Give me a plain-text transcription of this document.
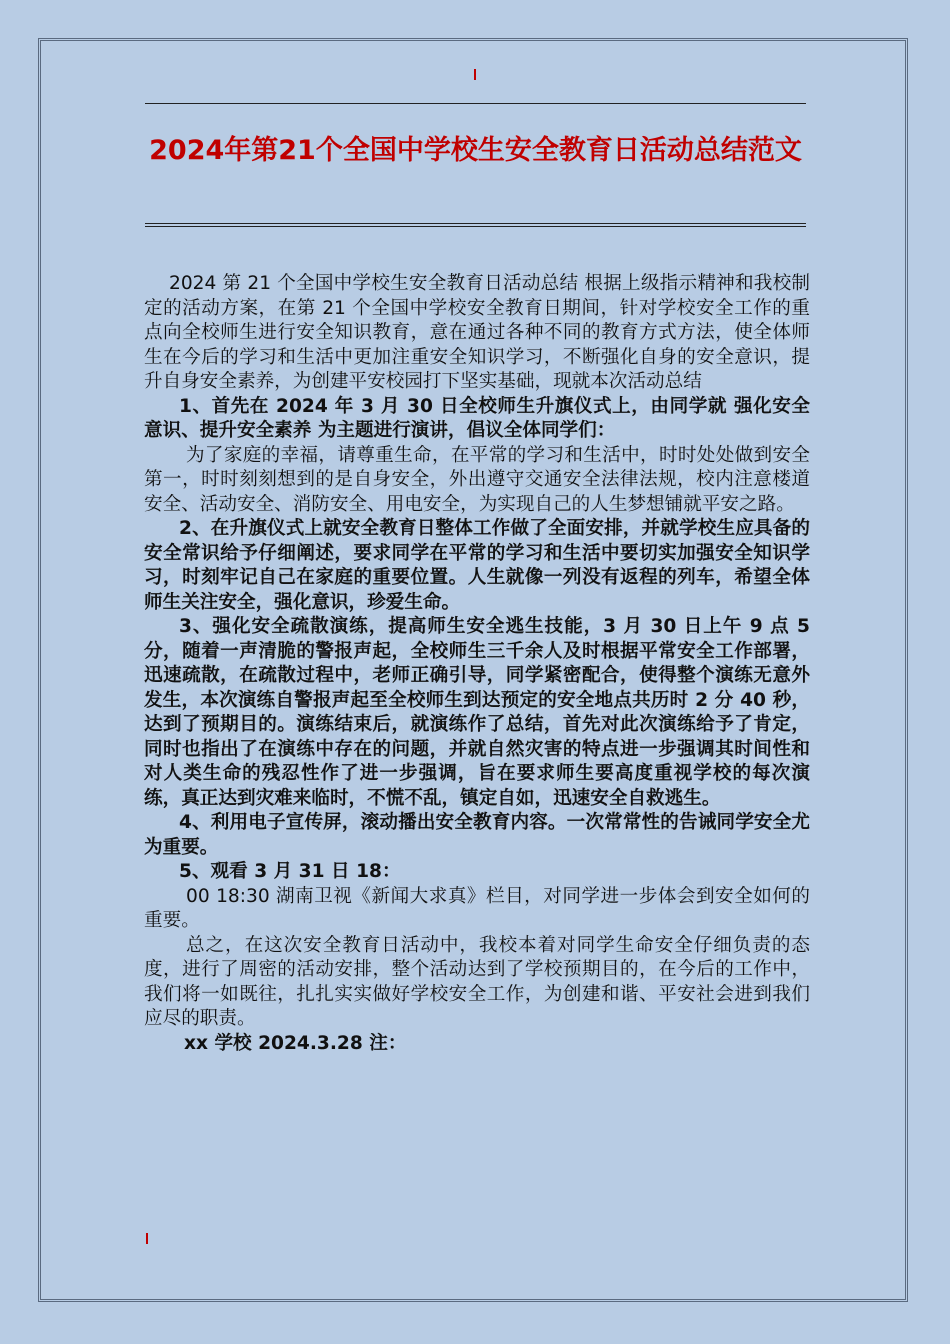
2024年第21个全国中学校生安全教育日活动总结范文

2024 第 21 个全国中学校生安全教育日活动总结 根据上级指示精神和我校制定的活动方案，在第 21 个全国中学校安全教育日期间，针对学校安全工作的重点向全校师生进行安全知识教育，意在通过各种不同的教育方式方法，使全体师生在今后的学习和生活中更加注重安全知识学习，不断强化自身的安全意识，提升自身安全素养，为创建平安校园打下坚实基础，现就本次活动总结

1、首先在 2024 年 3 月 30 日全校师生升旗仪式上，由同学就 强化安全意识、提升安全素养 为主题进行演讲，倡议全体同学们：

为了家庭的幸福，请尊重生命，在平常的学习和生活中，时时处处做到安全第一，时时刻刻想到的是自身安全，外出遵守交通安全法律法规，校内注意楼道安全、活动安全、消防安全、用电安全，为实现自己的人生梦想铺就平安之路。

2、在升旗仪式上就安全教育日整体工作做了全面安排，并就学校生应具备的安全常识给予仔细阐述，要求同学在平常的学习和生活中要切实加强安全知识学习，时刻牢记自己在家庭的重要位置。人生就像一列没有返程的列车，希望全体师生关注安全，强化意识，珍爱生命。

3、强化安全疏散演练，提高师生安全逃生技能，3 月 30 日上午 9 点 5 分，随着一声清脆的警报声起，全校师生三千余人及时根据平常安全工作部署，迅速疏散，在疏散过程中，老师正确引导，同学紧密配合，使得整个演练无意外发生，本次演练自警报声起至全校师生到达预定的安全地点共历时 2 分 40 秒，达到了预期目的。演练结束后，就演练作了总结，首先对此次演练给予了肯定，同时也指出了在演练中存在的问题，并就自然灾害的特点进一步强调其时间性和对人类生命的残忍性作了进一步强调，旨在要求师生要高度重视学校的每次演练，真正达到灾难来临时，不慌不乱，镇定自如，迅速安全自救逃生。

4、利用电子宣传屏，滚动播出安全教育内容。一次常常性的告诫同学安全尤为重要。

5、观看 3 月 31 日 18：

00 18:30 湖南卫视《新闻大求真》栏目，对同学进一步体会到安全如何的重要。

总之，在这次安全教育日活动中，我校本着对同学生命安全仔细负责的态度，进行了周密的活动安排，整个活动达到了学校预期目的，在今后的工作中，我们将一如既往，扎扎实实做好学校安全工作，为创建和谐、平安社会进到我们应尽的职责。

xx 学校 2024.3.28 注：
